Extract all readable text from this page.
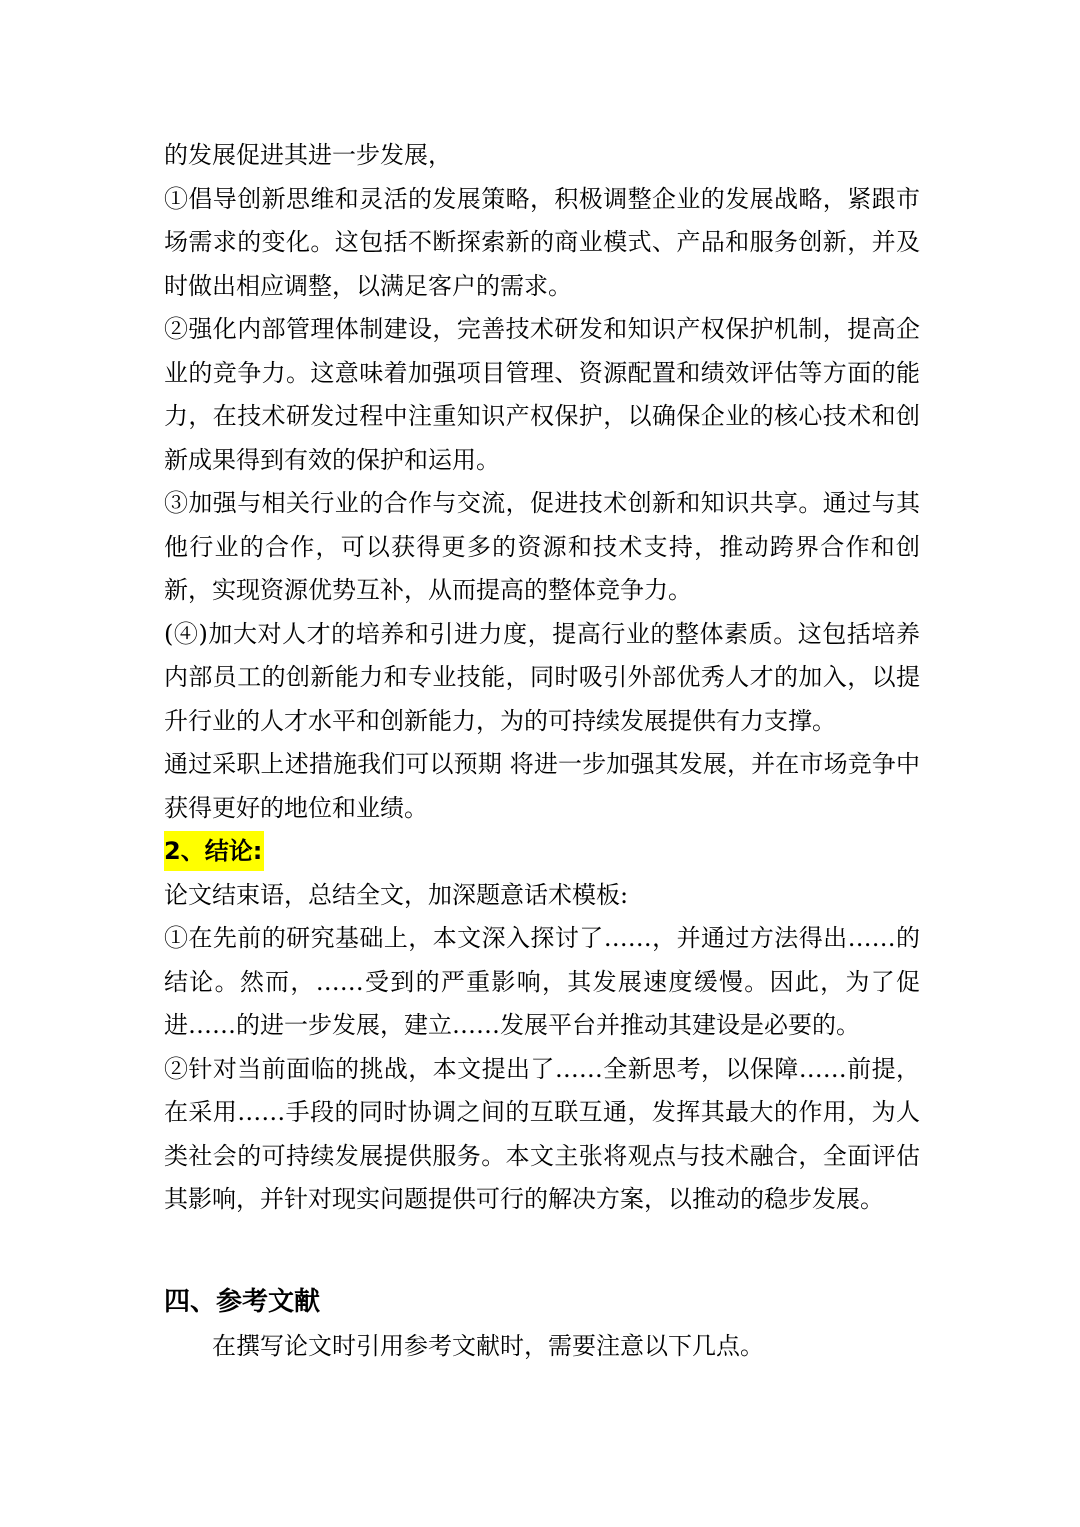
的发展促进其进一步发展，

①倡导创新思维和灵活的发展策略，积极调整企业的发展战略，紧跟市场需求的变化。这包括不断探索新的商业模式、产品和服务创新，并及时做出相应调整，以满足客户的需求。

②强化内部管理体制建设，完善技术研发和知识产权保护机制，提高企业的竞争力。这意味着加强项目管理、资源配置和绩效评估等方面的能力，在技术研发过程中注重知识产权保护，以确保企业的核心技术和创新成果得到有效的保护和运用。

③加强与相关行业的合作与交流，促进技术创新和知识共享。通过与其他行业的合作，可以获得更多的资源和技术支持，推动跨界合作和创新，实现资源优势互补，从而提高的整体竞争力。

(④)加大对人才的培养和引进力度，提高行业的整体素质。这包括培养内部员工的创新能力和专业技能，同时吸引外部优秀人才的加入，以提升行业的人才水平和创新能力，为的可持续发展提供有力支撑。

通过采职上述措施我们可以预期 将进一步加强其发展，并在市场竞争中获得更好的地位和业绩。

2、结论:

论文结束语，总结全文，加深题意话术模板:

①在先前的研究基础上，本文深入探讨了……，并通过方法得出……的结论。然而，……受到的严重影响，其发展速度缓慢。因此，为了促进……的进一步发展，建立……发展平台并推动其建设是必要的。

②针对当前面临的挑战，本文提出了……全新思考，以保障……前提，在采用……手段的同时协调之间的互联互通，发挥其最大的作用，为人类社会的可持续发展提供服务。本文主张将观点与技术融合，全面评估其影响，并针对现实问题提供可行的解决方案，以推动的稳步发展。

四、参考文献

在撰写论文时引用参考文献时，需要注意以下几点。
